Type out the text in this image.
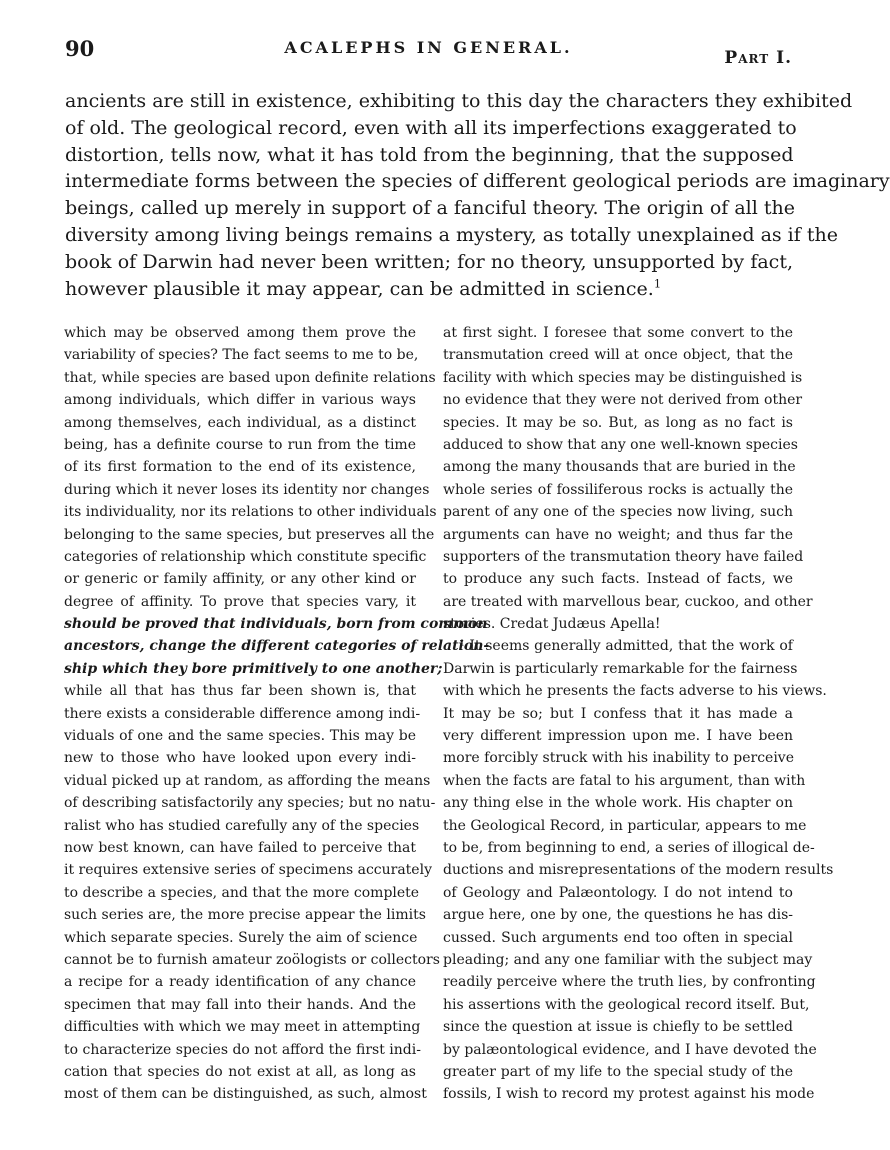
90	ACALEPHS IN GENERAL.
Part I.
ancients are still in existence, exhibiting to this day the characters they exhibited
of old. The geological record, even with all its imperfections exaggerated to
distortion, tells now, what it has told from the beginning, that the supposed
intermediate forms between the species of different geological periods are imaginary
beings, called up merely in support of a fanciful theory. The origin of all the
diversity among living beings remains a mystery, as totally unexplained as if the
book of Darwin had never been written; for no theory, unsupported by fact,
however plausible it may appear, can be admitted in science.$^1$
which may be observed among them prove the
variability of species? The fact seems to me to be,
that, while species are based upon definite relations
among individuals, which differ in various ways
among themselves, each individual, as a distinct
being, has a definite course to run from the time
of its first formation to the end of its existence,
during which it never loses its identity nor changes
its individuality, nor its relations to other individuals
belonging to the same species, but preserves all the
categories of relationship which constitute specific
or generic or family affinity, or any other kind or
degree of affinity. To prove that species vary, it
should be proved that individuals, born from common
ancestors, change the different categories of relation-
ship which they bore primitively to one another;
while all that has thus far been shown is, that
there exists a considerable difference among indi-
viduals of one and the same species. This may be
new to those who have looked upon every indi-
vidual picked up at random, as affording the means
of describing satisfactorily any species; but no natu-
ralist who has studied carefully any of the species
now best known, can have failed to perceive that
it requires extensive series of specimens accurately
to describe a species, and that the more complete
such series are, the more precise appear the limits
which separate species. Surely the aim of science
cannot be to furnish amateur zoölogists or collectors
a recipe for a ready identification of any chance
specimen that may fall into their hands. And the
difficulties with which we may meet in attempting
to characterize species do not afford the first indi-
cation that species do not exist at all, as long as
most of them can be distinguished, as such, almost
at first sight. I foresee that some convert to the
transmutation creed will at once object, that the
facility with which species may be distinguished is
no evidence that they were not derived from other
species. It may be so. But, as long as no fact is
adduced to show that any one well-known species
among the many thousands that are buried in the
whole series of fossiliferous rocks is actually the
parent of any one of the species now living, such
arguments can have no weight; and thus far the
supporters of the transmutation theory have failed
to produce any such facts. Instead of facts, we
are treated with marvellous bear, cuckoo, and other
stories. Credat Judæus Apella!
¹ It seems generally admitted, that the work of
Darwin is particularly remarkable for the fairness
with which he presents the facts adverse to his views.
It may be so; but I confess that it has made a
very different impression upon me. I have been
more forcibly struck with his inability to perceive
when the facts are fatal to his argument, than with
any thing else in the whole work. His chapter on
the Geological Record, in particular, appears to me
to be, from beginning to end, a series of illogical de-
ductions and misrepresentations of the modern results
of Geology and Palæontology. I do not intend to
argue here, one by one, the questions he has dis-
cussed. Such arguments end too often in special
pleading; and any one familiar with the subject may
readily perceive where the truth lies, by confronting
his assertions with the geological record itself. But,
since the question at issue is chiefly to be settled
by palæontological evidence, and I have devoted the
greater part of my life to the special study of the
fossils, I wish to record my protest against his mode
